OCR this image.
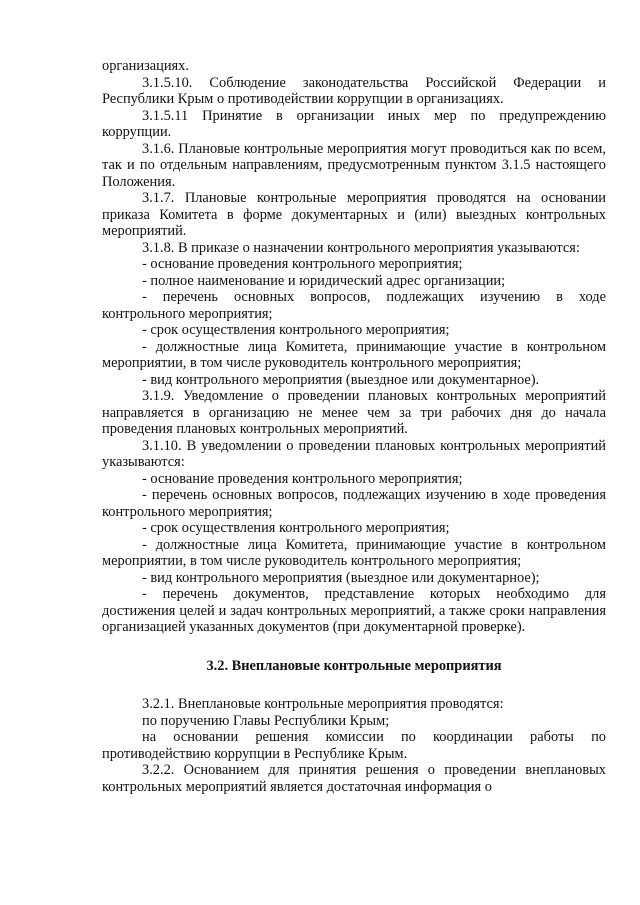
организациях.

3.1.5.10. Соблюдение законодательства Российской Федерации и Республики Крым о противодействии коррупции в организациях.

3.1.5.11 Принятие в организации иных мер по предупреждению коррупции.

3.1.6. Плановые контрольные мероприятия могут проводиться как по всем, так и по отдельным направлениям, предусмотренным пунктом 3.1.5 настоящего Положения.

3.1.7. Плановые контрольные мероприятия проводятся на основании приказа Комитета в форме документарных и (или) выездных контрольных мероприятий.

3.1.8. В приказе о назначении контрольного мероприятия указываются:

- основание проведения контрольного мероприятия;

- полное наименование и юридический адрес организации;

- перечень основных вопросов, подлежащих изучению в ходе контрольного мероприятия;

- срок осуществления контрольного мероприятия;

- должностные лица Комитета, принимающие участие в контрольном мероприятии, в том числе руководитель контрольного мероприятия;

- вид контрольного мероприятия (выездное или документарное).

3.1.9. Уведомление о проведении плановых контрольных мероприятий направляется в организацию не менее чем за три рабочих дня до начала проведения плановых контрольных мероприятий.

3.1.10. В уведомлении о проведении плановых контрольных мероприятий указываются:

- основание проведения контрольного мероприятия;

- перечень основных вопросов, подлежащих изучению в ходе проведения контрольного мероприятия;

- срок осуществления контрольного мероприятия;

- должностные лица Комитета, принимающие участие в контрольном мероприятии, в том числе руководитель контрольного мероприятия;

- вид контрольного мероприятия (выездное или документарное);

- перечень документов, представление которых необходимо для достижения целей и задач контрольных мероприятий, а также сроки направления организацией указанных документов (при документарной проверке).

3.2. Внеплановые контрольные мероприятия

3.2.1. Внеплановые контрольные мероприятия проводятся:

по поручению Главы Республики Крым;

на основании решения комиссии по координации работы по противодействию коррупции в Республике Крым.

3.2.2. Основанием для принятия решения о проведении внеплановых контрольных мероприятий является достаточная информация о
